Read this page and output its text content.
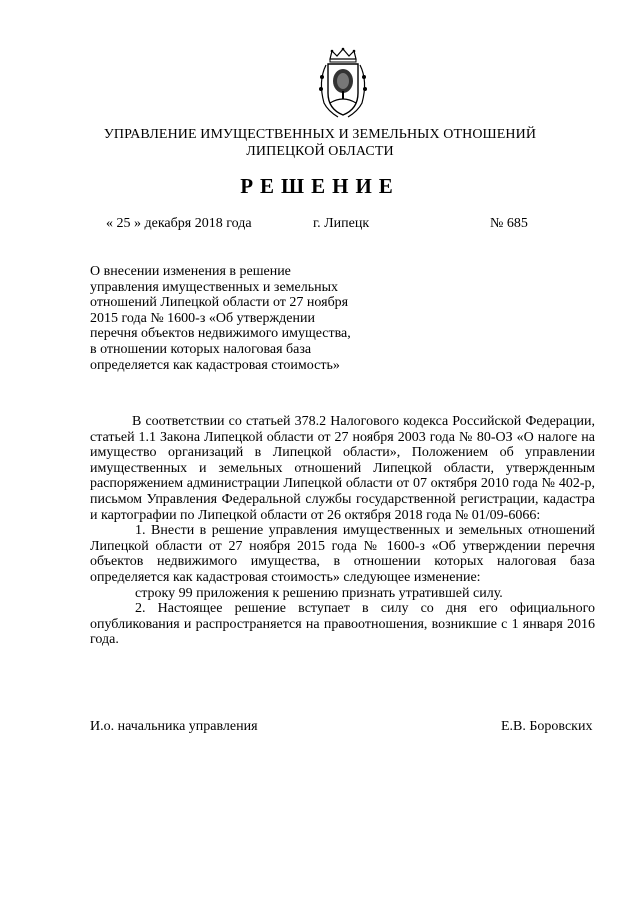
УПРАВЛЕНИЕ ИМУЩЕСТВЕННЫХ И ЗЕМЕЛЬНЫХ ОТНОШЕНИЙ
ЛИПЕЦКОЙ ОБЛАСТИ
РЕШЕНИЕ
« 25 » декабря 2018 года	г. Липецк	№ 685
О внесении изменения в решение управления имущественных и земельных отношений Липецкой области от 27 ноября 2015 года № 1600-з «Об утверждении перечня объектов недвижимого имущества, в отношении которых налоговая база определяется как кадастровая стоимость»

В соответствии со статьей 378.2 Налогового кодекса Российской Федерации, статьей 1.1 Закона Липецкой области от 27 ноября 2003 года № 80-ОЗ «О налоге на имущество организаций в Липецкой области», Положением об управлении имущественных и земельных отношений Липецкой области, утвержденным распоряжением администрации Липецкой области от 07 октября 2010 года № 402-р, письмом Управления Федеральной службы государственной регистрации, кадастра и картографии по Липецкой области от 26 октября 2018 года № 01/09-6066:

1. Внести в решение управления имущественных и земельных отношений Липецкой области от 27 ноября 2015 года № 1600-з «Об утверждении перечня объектов недвижимого имущества, в отношении которых налоговая база определяется как кадастровая стоимость» следующее изменение:

строку 99 приложения к решению признать утратившей силу.

2. Настоящее решение вступает в силу со дня его официального опубликования и распространяется на правоотношения, возникшие с 1 января 2016 года.

И.о. начальника управления	Е.В. Боровских
